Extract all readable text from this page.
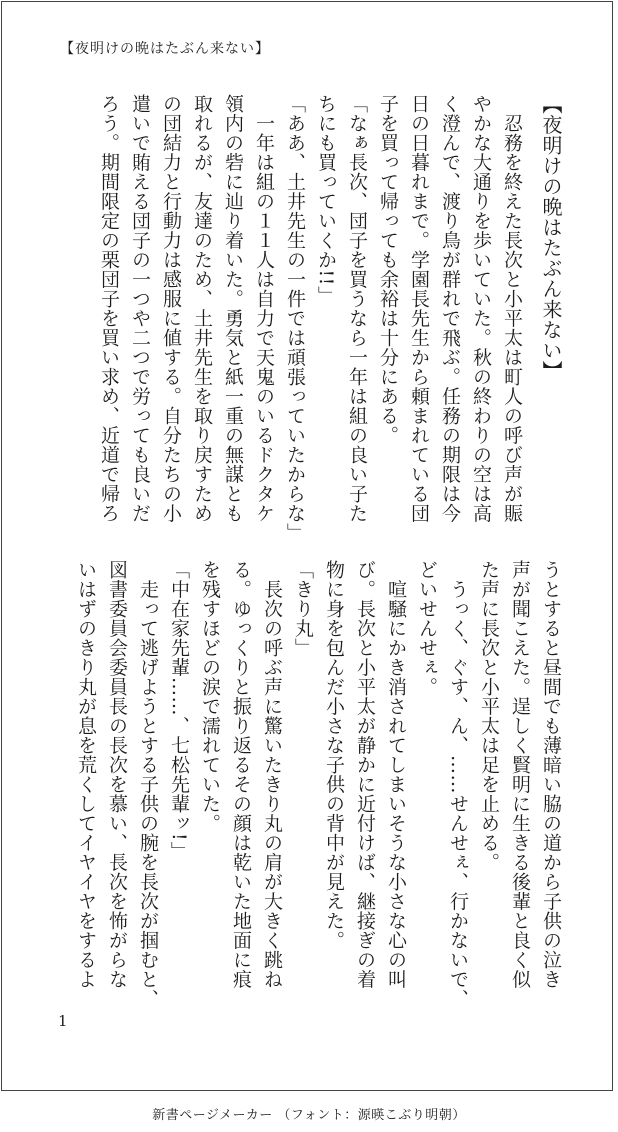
【夜明けの晩はたぶん来ない】
【夜明けの晩はたぶん来ない】
　忍務を終えた長次と小平太は町人の呼び声が賑
やかな大通りを歩いていた。秋の終わりの空は高
く澄んで、渡り鳥が群れで飛ぶ。任務の期限は今
日の日暮れまで。学園長先生から頼まれている団
子を買って帰っても余裕は十分にある。
「なぁ長次、団子を買うなら一年は組の良い子た
ちにも買っていくか!!」
「ああ、土井先生の一件では頑張っていたからな」
　一年は組の１１人は自力で天鬼のいるドクタケ
領内の砦に辿り着いた。勇気と紙一重の無謀とも
取れるが、友達のため、土井先生を取り戻すため
の団結力と行動力は感服に値する。自分たちの小
遣いで賄える団子の一つや二つで労っても良いだ
ろう。期間限定の栗団子を買い求め、近道で帰ろ
うとすると昼間でも薄暗い脇の道から子供の泣き
声が聞こえた。逞しく賢明に生きる後輩と良く似
た声に長次と小平太は足を止める。
　うっく、ぐす、ん、……せんせぇ、行かないで、
どいせんせぇ。
　喧騒にかき消されてしまいそうな小さな心の叫
び。長次と小平太が静かに近付けば、継接ぎの着
物に身を包んだ小さな子供の背中が見えた。
「きり丸」
　長次の呼ぶ声に驚いたきり丸の肩が大きく跳ね
る。ゆっくりと振り返るその顔は乾いた地面に痕
を残すほどの涙で濡れていた。
「中在家先輩……、七松先輩ッ!」
　走って逃げようとする子供の腕を長次が掴むと、
図書委員会委員長の長次を慕い、長次を怖がらな
いはずのきり丸が息を荒くしてイヤイヤをするよ
1
新書ページメーカー （フォント：源暎こぶり明朝）
